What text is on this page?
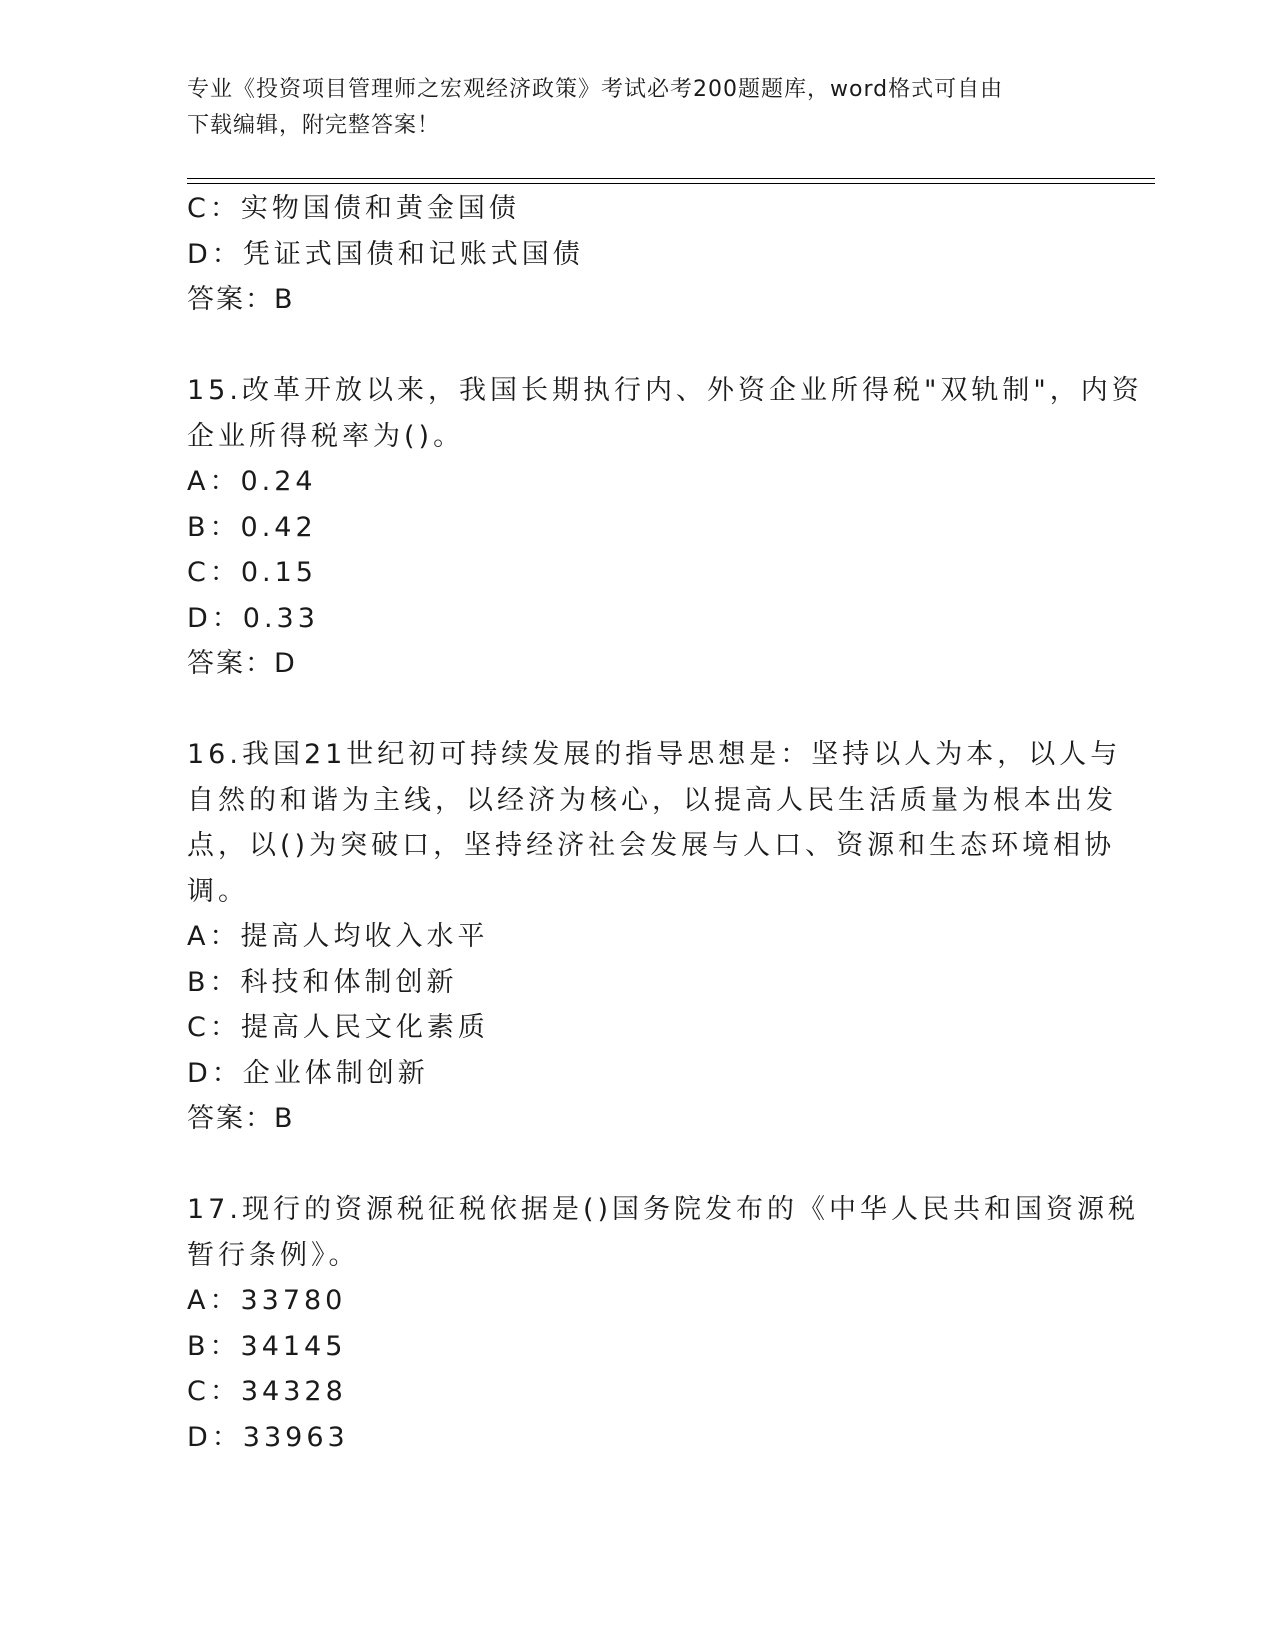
专业《投资项目管理师之宏观经济政策》考试必考200题题库，word格式可自由
下载编辑，附完整答案！
C：实物国债和黄金国债
D：凭证式国债和记账式国债
答案：B
15.改革开放以来，我国长期执行内、外资企业所得税"双轨制"，内资
企业所得税率为()。
A：0.24
B：0.42
C：0.15
D：0.33
答案：D
16.我国21世纪初可持续发展的指导思想是：坚持以人为本，以人与
自然的和谐为主线，以经济为核心，以提高人民生活质量为根本出发
点，以()为突破口，坚持经济社会发展与人口、资源和生态环境相协
调。
A：提高人均收入水平
B：科技和体制创新
C：提高人民文化素质
D：企业体制创新
答案：B
17.现行的资源税征税依据是()国务院发布的《中华人民共和国资源税
暂行条例》。
A：33780
B：34145
C：34328
D：33963
